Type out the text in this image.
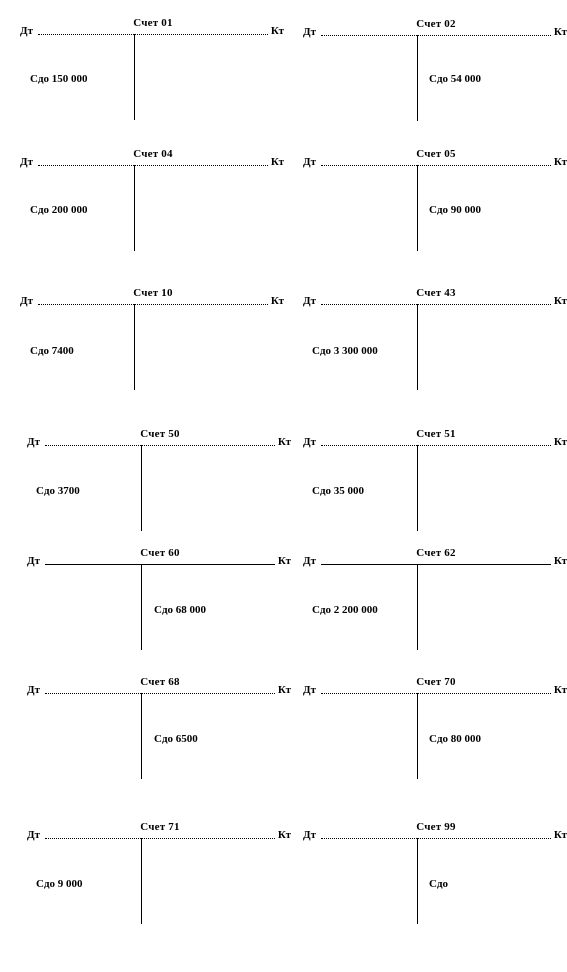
Счет 01
Дт	Кт
Сдо 150 000
Счет 02
Дт	Кт
Сдо 54 000
Счет 04
Дт	Кт
Сдо 200 000
Счет 05
Дт	Кт
Сдо 90 000
Счет 10
Дт	Кт
Сдо 7400
Счет 43
Дт	Кт
Сдо 3 300 000
Счет 50
Дт	Кт
Сдо 3700
Счет 51
Дт	Кт
Сдо 35 000
Счет 60
Дт	Кт
Сдо 68 000
Счет 62
Дт	Кт
Сдо 2 200 000
Счет 68
Дт	Кт
Сдо 6500
Счет 70
Дт	Кт
Сдо 80 000
Счет 71
Дт	Кт
Сдо 9 000
Счет 99
Дт	Кт
Сдо
